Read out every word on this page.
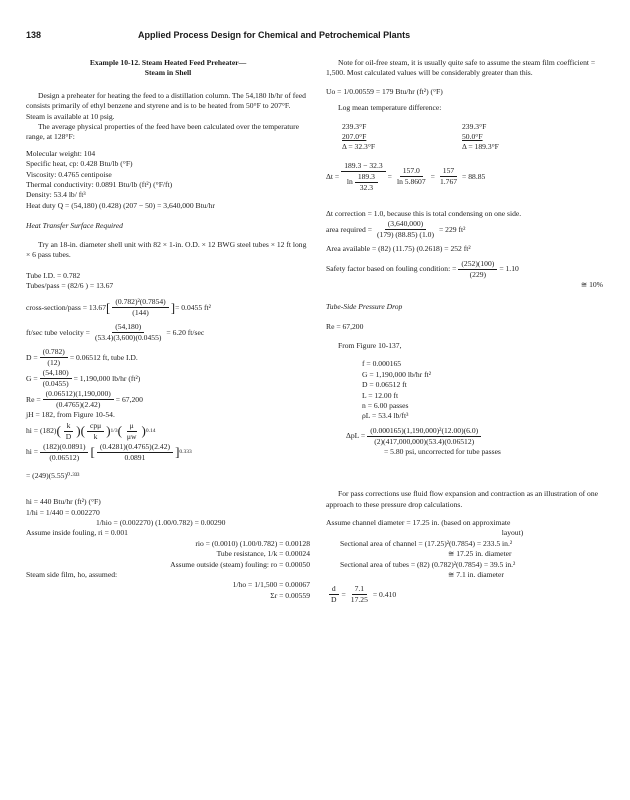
138	Applied Process Design for Chemical and Petrochemical Plants
Example 10-12. Steam Heated Feed Preheater—
Steam in Shell

Design a preheater for heating the feed to a distillation column. The 54,180 lb/hr of feed consists primarily of ethyl benzene and styrene and is to be heated from 50°F to 207°F. Steam is available at 10 psig.

The average physical properties of the feed have been calculated over the temperature range, at 128°F:

Molecular weight: 104
Specific heat, cp: 0.428 Btu/lb (°F)
Viscosity: 0.4765 centipoise
Thermal conductivity: 0.0891 Btu/lb (ft²) (°F/ft)
Density: 53.4 lb/ ft³
Heat duty Q = (54,180) (0.428) (207 − 50) = 3,640,000 Btu/hr
Heat Transfer Surface Required

Try an 18-in. diameter shell unit with 82 × 1-in. O.D. × 12 BWG steel tubes × 12 ft long × 6 pass tubes.

Tube I.D. = 0.782
Tubes/pass = (82/6 ) = 13.67
cross-section/pass = 13.67 [ $\frac{\text{(0.782)²(0.7854)}}{(144)}$ ] = 0.0455 ft²
ft/sec tube velocity = $\frac{(54,180)}{(53.4)(3,600)(0.0455)} = 6.20$ ft/sec
$D = \frac{(0.782)}{(12)} = 0.06512$ ft, tube I.D.
$G = \frac{(54,180)}{(0.0455)} = 1,190,000$ lb/hr (ft²)
$Re = \frac{(0.06512)(1,190,000)}{(0.4765)(2.42)} = 67,200$
jH = 182, from Figure 10-54.
hi = (182) ( $\frac{k}{D}$ ) ( $\frac{\text{cpμ}}{k}$ ) 1/3 ( $\frac{\mu}{\mu w}$ ) 0.14
hi = $\frac{(182)(0.0891)}{(0.06512)}$ [ $\frac{(0.4281)(0.4765)(2.42)}{0.0891}$ ] 0.333
= (249)(5.55)⁰·³³³
hi = 440 Btu/hr (ft²) (°F)
1/hi = 1/440 = 0.002270
1/hio = (0.002270) (1.00/0.782) = 0.00290
Assume inside fouling, ri = 0.001
rio = (0.0010) (1.00/0.782) = 0.00128
Tube resistance, 1/k = 0.00024
Assume outside (steam) fouling: ro = 0.00050
Steam side film, ho, assumed:
1/ho = 1/1,500 = 0.00067
Σr = 0.00559

Note for oil-free steam, it is usually quite safe to assume the steam film coefficient = 1,500. Most calculated values will be considerably greater than this.

Uo = 1/0.00559 = 179 Btu/hr (ft²) (°F)
Log mean temperature difference:
239.3°F
207.0°F
Δ = 32.3°F
239.3°F
50.0°F
Δ = 189.3°F
$\Delta t = \frac{189.3 - 32.3}{\ln \frac{189.3}{32.3}} = \frac{157.0}{\ln 5.8607} = \frac{157}{1.767} = 88.85$
Δt correction = 1.0, because this is total condensing on one side.
area required = $\frac{(3,640,000)}{(179) (88.85) (1.0)} = 229$ ft²
Area available = (82) (11.75) (0.2618) = 252 ft²
Safety factor based on fouling condition: = $\frac{(252)(100)}{(229)} = 1.10$
≅ 10%
Tube-Side Pressure Drop
Re = 67,200
From Figure 10-137,
f = 0.000165
G = 1,190,000 lb/hr ft²
D = 0.06512 ft
L = 12.00 ft
n = 6.00 passes
ρL = 53.4 lb/ft³
$\Delta pL = \frac{\text{(0.000165)(1,190,000)²(12.00)(6.0)}}{(2)(417,000,000)(53.4)(0.06512)}$
= 5.80 psi, uncorrected for tube passes

For pass corrections use fluid flow expansion and contraction as an illustration of one approach to these pressure drop calculations.

Assume channel diameter = 17.25 in. (based on approximate
layout)
Sectional area of channel = (17.25)²(0.7854) = 233.5 in.²
≅ 17.25 in. diameter
Sectional area of tubes = (82) (0.782)²(0.7854) = 39.5 in.²
≅ 7.1 in. diameter
$\frac{d}{D} = \frac{7.1}{17.25} = 0.410$
